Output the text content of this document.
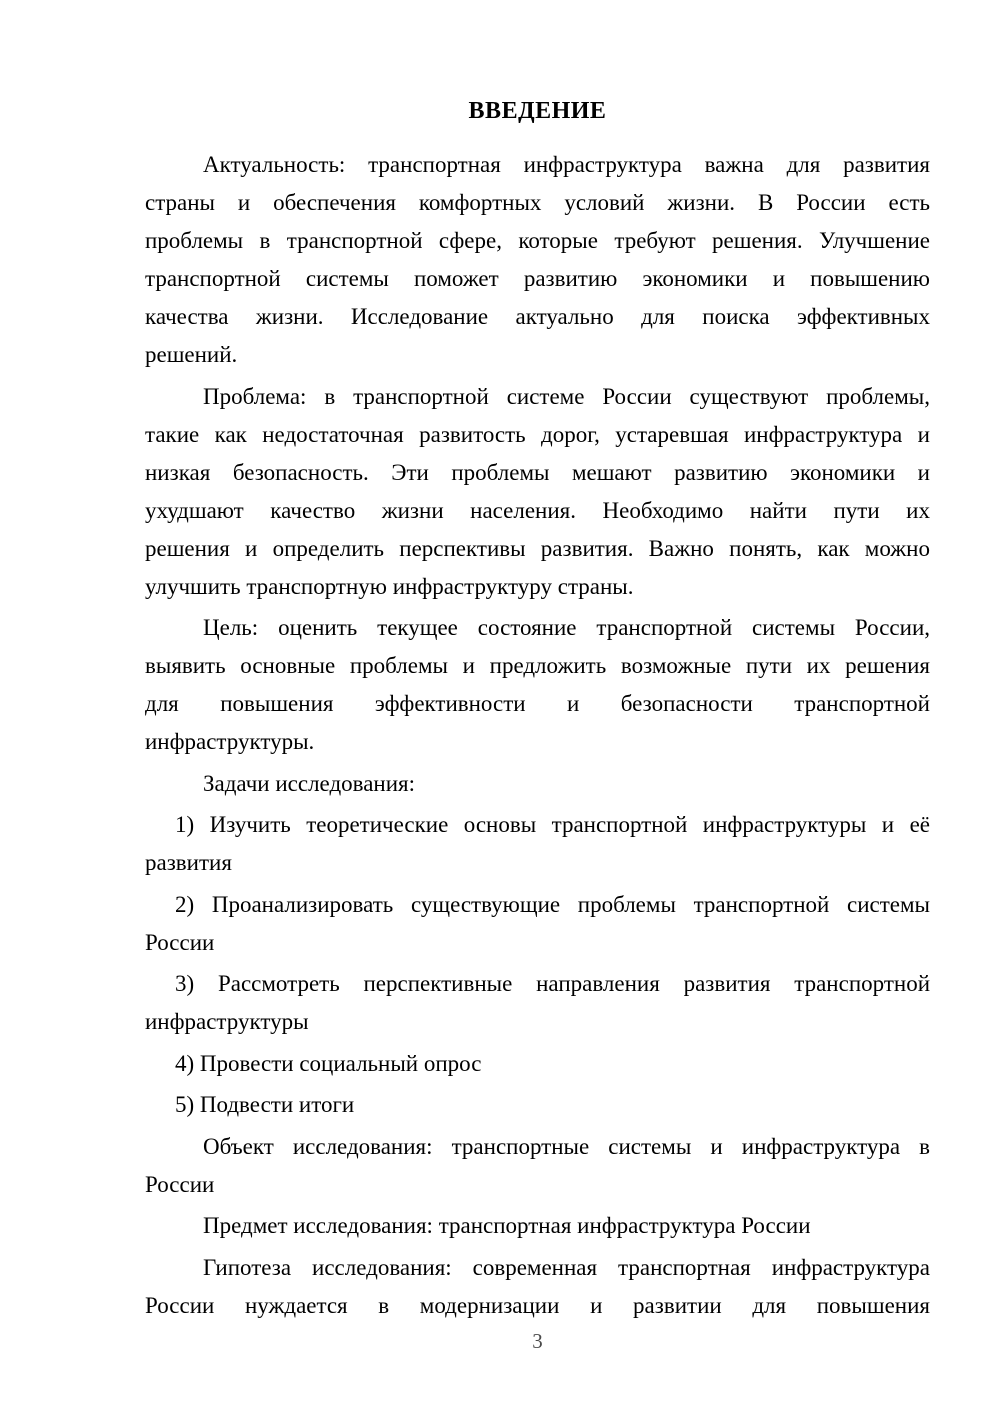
ВВЕДЕНИЕ
Актуальность: транспортная инфраструктура важна для развития
страны и обеспечения комфортных условий жизни. В России есть
проблемы в транспортной сфере, которые требуют решения. Улучшение
транспортной системы поможет развитию экономики и повышению
качества жизни. Исследование актуально для поиска эффективных
решений.
Проблема: в транспортной системе России существуют проблемы,
такие как недостаточная развитость дорог, устаревшая инфраструктура и
низкая безопасность. Эти проблемы мешают развитию экономики и
ухудшают качество жизни населения. Необходимо найти пути их
решения и определить перспективы развития. Важно понять, как можно
улучшить транспортную инфраструктуру страны.
Цель: оценить текущее состояние транспортной системы России,
выявить основные проблемы и предложить возможные пути их решения
для повышения эффективности и безопасности транспортной
инфраструктуры.
Задачи исследования:
1) Изучить теоретические основы транспортной инфраструктуры и её
развития
2) Проанализировать существующие проблемы транспортной системы
России
3) Рассмотреть перспективные направления развития транспортной
инфраструктуры
4) Провести социальный опрос
5) Подвести итоги
Объект исследования: транспортные системы и инфраструктура в
России
Предмет исследования: транспортная инфраструктура России
Гипотеза исследования: современная транспортная инфраструктура
России нуждается в модернизации и развитии для повышения
3
